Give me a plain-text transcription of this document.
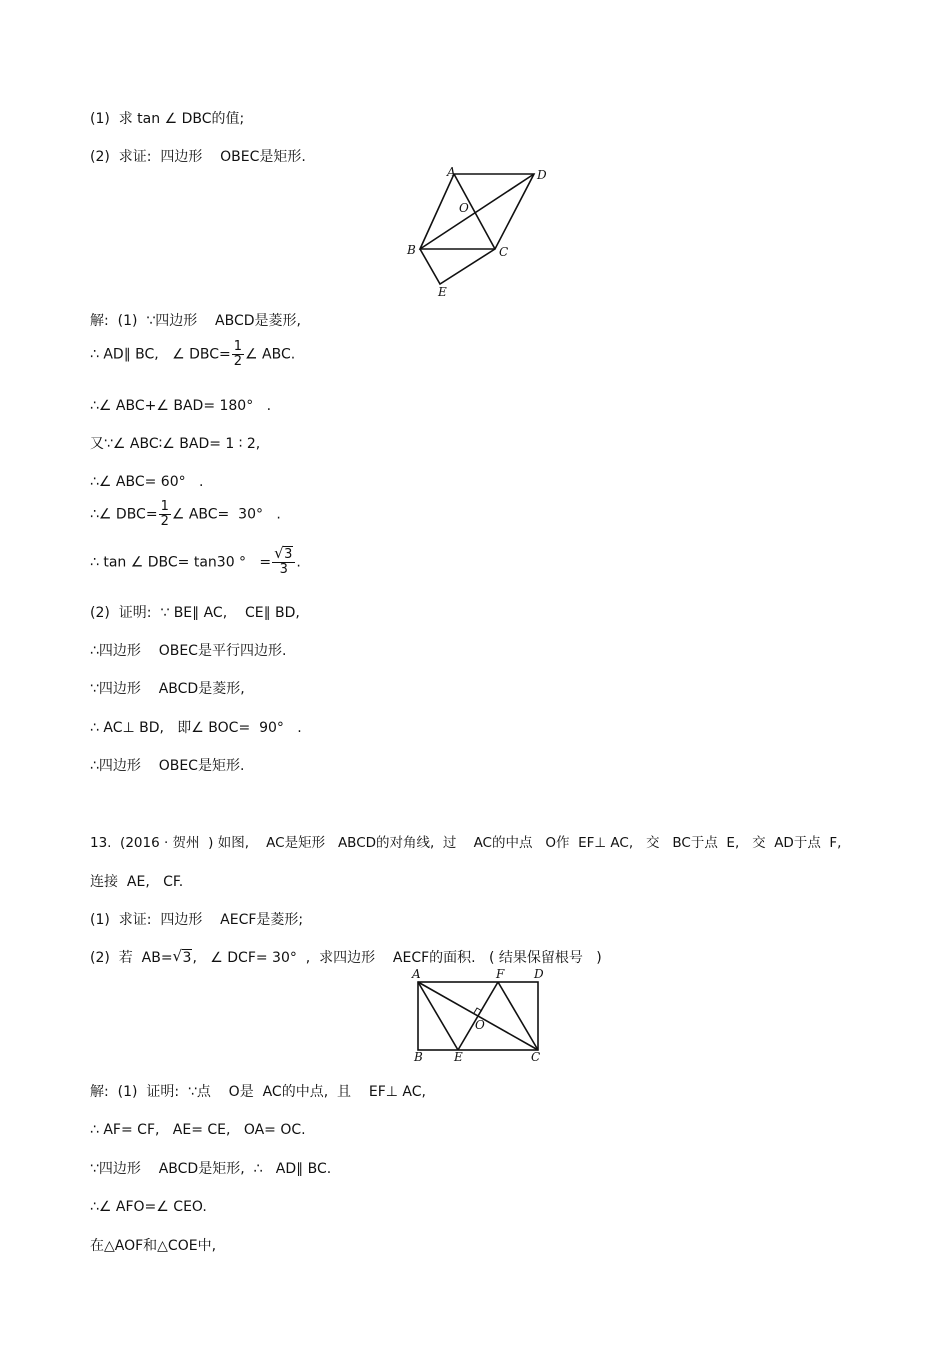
(1)  求 tan ∠ DBC的值;
(2)  求证:  四边形    OBEC是矩形.
A	D
O
B	C
E
解:  (1)  ∵四边形    ABCD是菱形,
∴ AD∥ BC,   ∠ $DBC= \frac{1}{2}$ ∠ ABC.
∴∠ ABC+∠ BAD= 180°   .
又∵∠ ABC∶∠ BAD= 1 ∶ 2,
∴∠ ABC= 60°   .
∴∠ $DBC= \frac{1}{2}$ ∠ ABC=  30°   .
∴ tan ∠ DBC= tan30 °   = $\frac{√ 3}{3}$ .
(2)  证明:  ∵ BE∥ AC,    CE∥ BD,
∴四边形    OBEC是平行四边形.
∵四边形    ABCD是菱形,
∴ AC⊥ BD,   即∠ BOC=  90°   .
∴四边形    OBEC是矩形.
13.  (2016 · 贺州  ) 如图,    AC是矩形   ABCD的对角线,  过    AC的中点   O作  EF⊥ AC,   交   BC于点  E,   交  AD于点  F,
连接  AE,   CF.
(1)  求证:  四边形    AECF是菱形;
(2)  若  AB= √ 3,   ∠ DCF= 30°  ,  求四边形    AECF的面积.   ( 结果保留根号   )
A	F D
O
B	E	C
解:  (1)  证明:  ∵点    O是  AC的中点,  且    EF⊥ AC,
∴ AF= CF,   AE= CE,   OA= OC.
∵四边形    ABCD是矩形,  ∴   AD∥ BC.
∴∠ AFO=∠ CEO.
在△AOF和△COE中,
